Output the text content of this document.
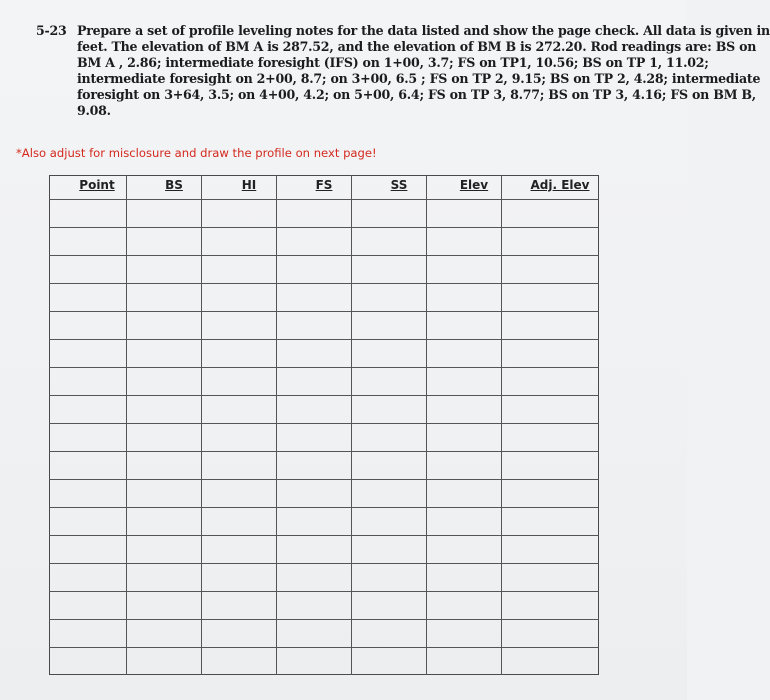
5-23 Prepare a set of profile leveling notes for the data listed and show the page check. All data is given in
feet. The elevation of BM A is 287.52, and the elevation of BM B is 272.20. Rod readings are: BS on
BM A , 2.86; intermediate foresight (IFS) on 1+00, 3.7; FS on TP1, 10.56; BS on TP 1, 11.02;
intermediate foresight on 2+00, 8.7; on 3+00, 6.5 ; FS on TP 2, 9.15; BS on TP 2, 4.28; intermediate
foresight on 3+64, 3.5; on 4+00, 4.2; on 5+00, 6.4; FS on TP 3, 8.77; BS on TP 3, 4.16; FS on BM B,
9.08.
*Also adjust for misclosure and draw the profile on next page!
Point	BS	HI	FS	SS	Elev	Adj. Elev
